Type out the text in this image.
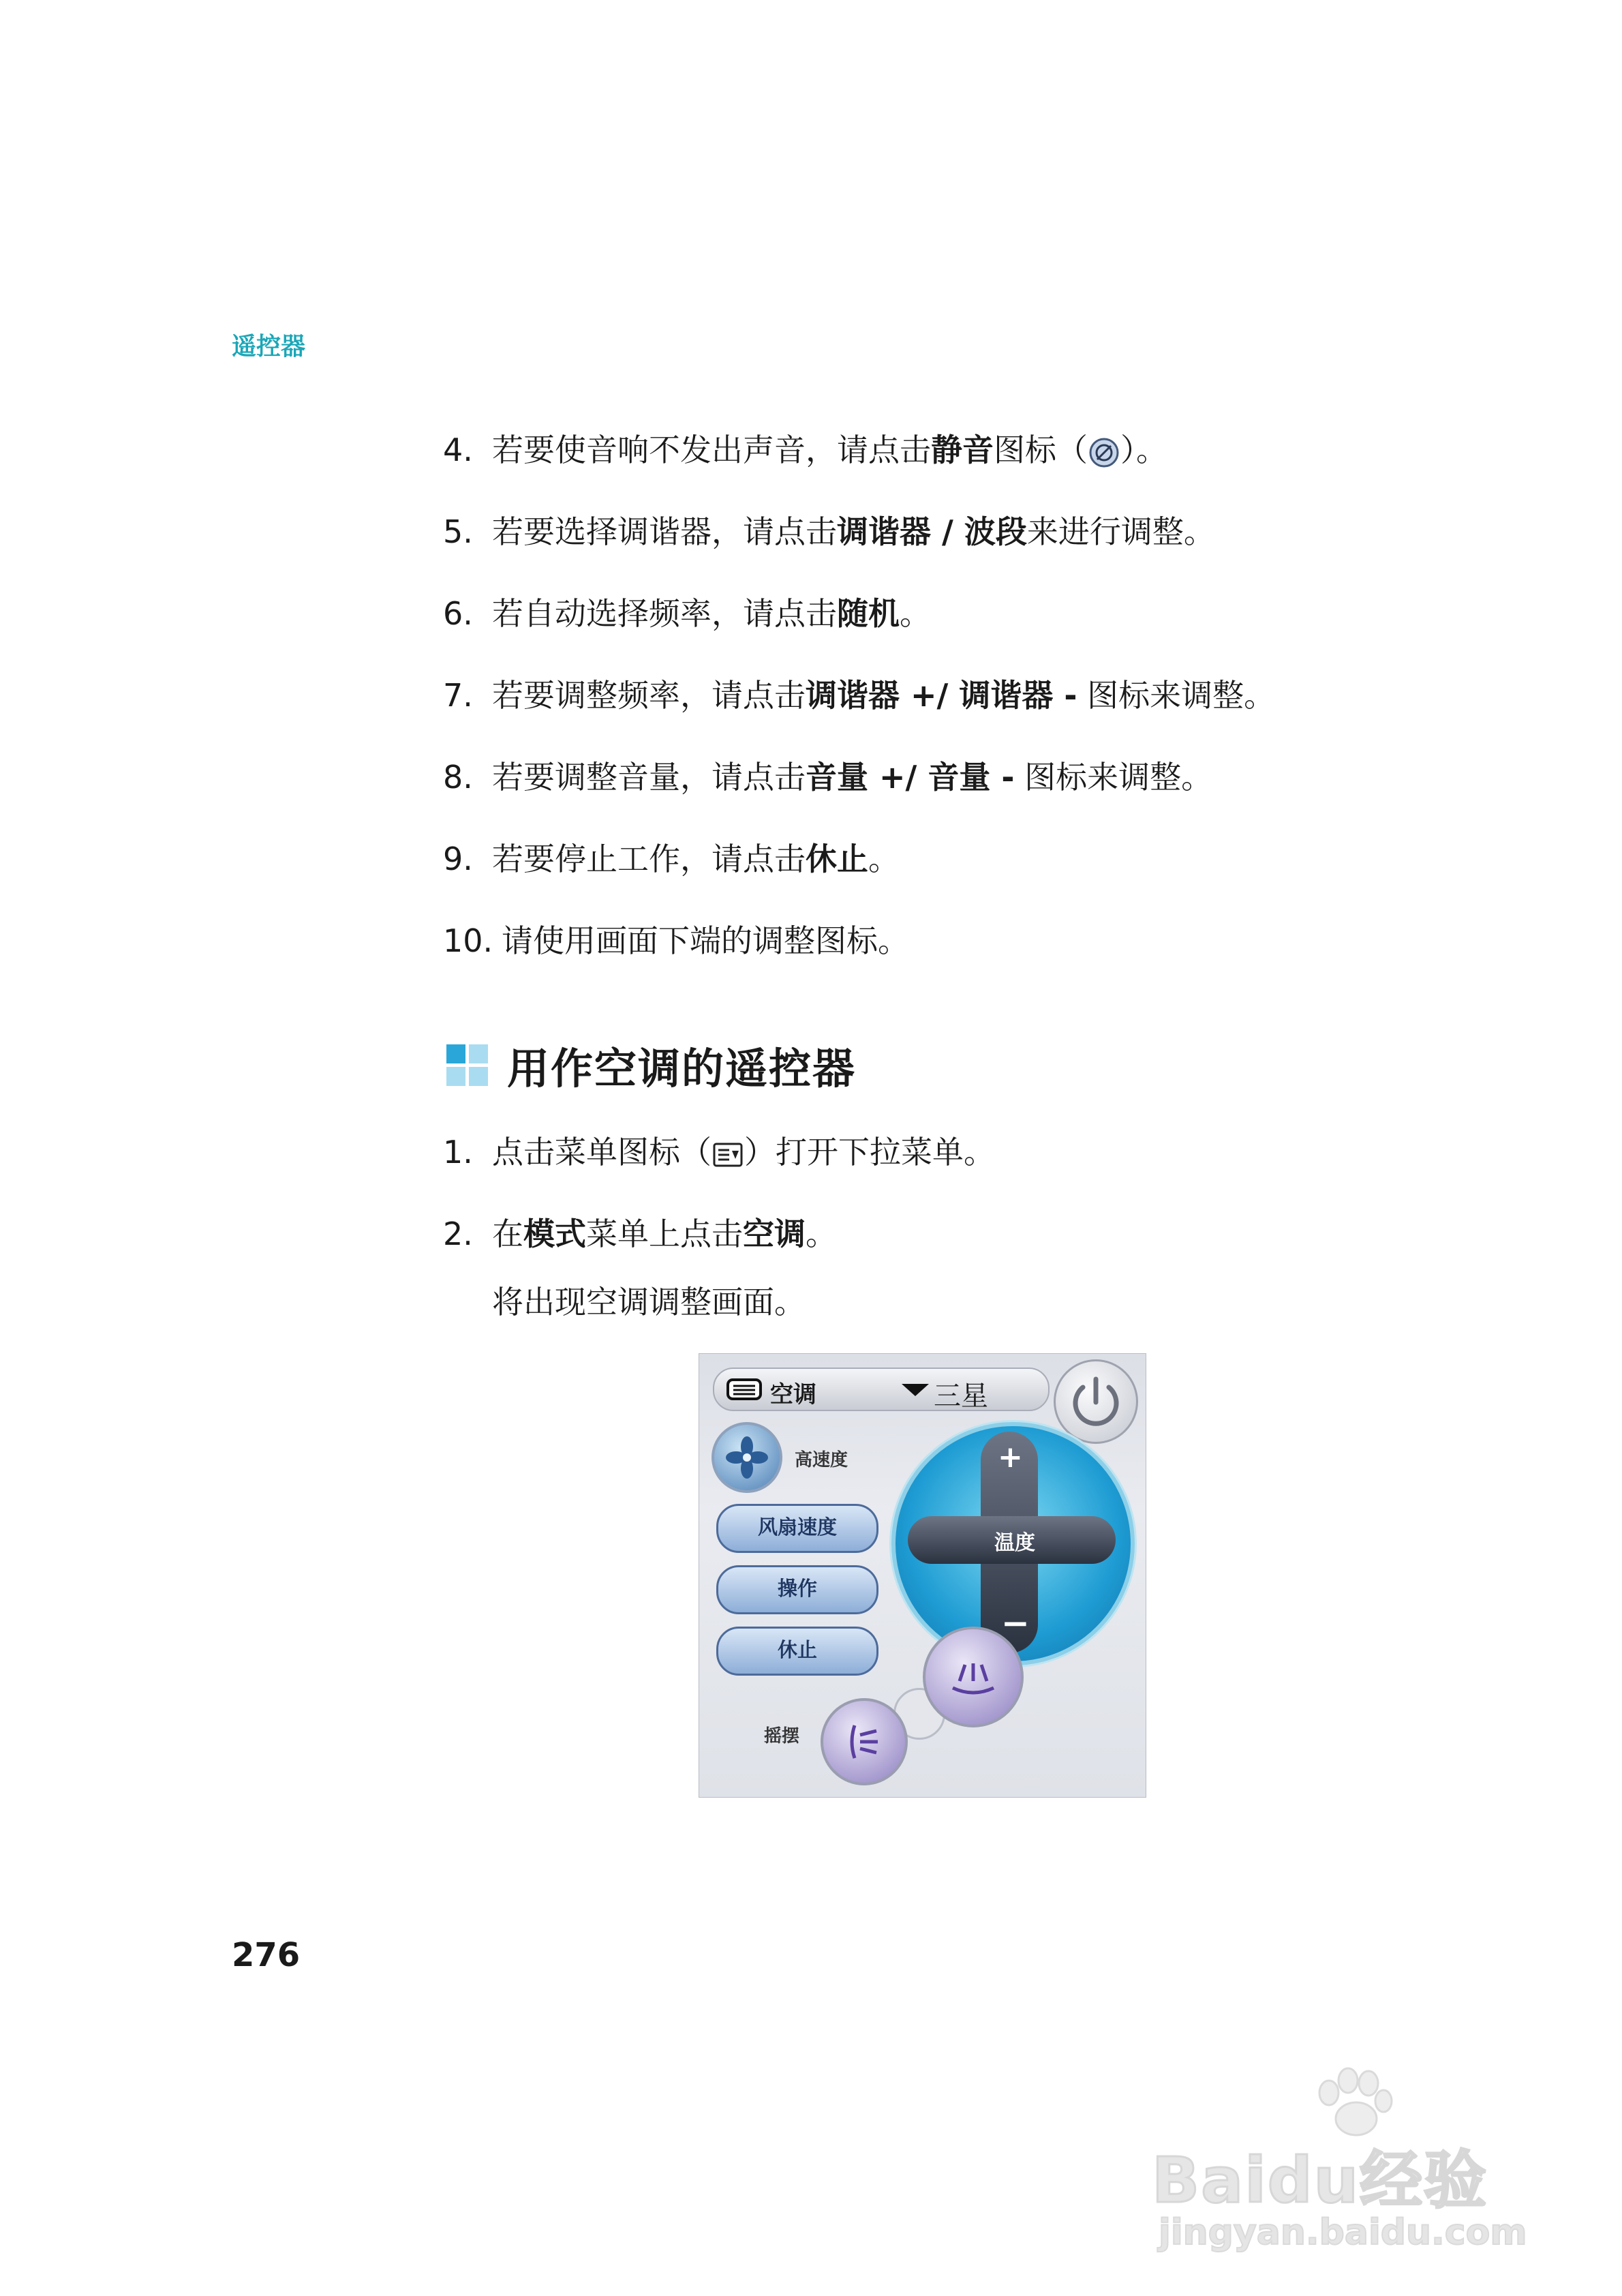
遥控器
4. 若要使音响不发出声音，请点击静音图标（ ）。
5. 若要选择调谐器，请点击调谐器 / 波段来进行调整。
6. 若自动选择频率，请点击随机。
7. 若要调整频率，请点击调谐器 +/ 调谐器 - 图标来调整。
8. 若要调整音量，请点击音量 +/ 音量 - 图标来调整。
9. 若要停止工作，请点击休止。
10. 请使用画面下端的调整图标。
用作空调的遥控器
1. 点击菜单图标（ ）打开下拉菜单。
2. 在模式菜单上点击空调。
将出现空调调整画面。
空调	三星
高速度
风扇速度
操作
休止
+
温度
−
摇摆
276
Baidu经验
jingyan.baidu.com
